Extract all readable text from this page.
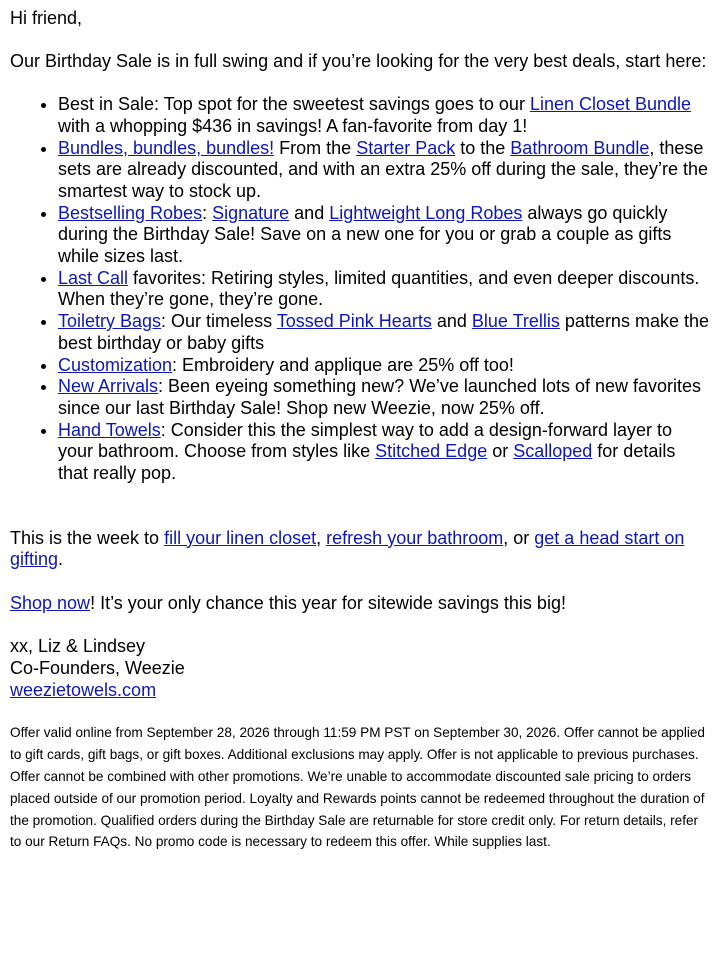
Hi friend,

Our Birthday Sale is in full swing and if you’re looking for the very best deals, start here:

• Best in Sale: Top spot for the sweetest savings goes to our Linen Closet Bundle with a whopping $436 in savings! A fan-favorite from day 1!
• Bundles, bundles, bundles! From the Starter Pack to the Bathroom Bundle, these sets are already discounted, and with an extra 25% off during the sale, they’re the smartest way to stock up.
• Bestselling Robes: Signature and Lightweight Long Robes always go quickly during the Birthday Sale! Save on a new one for you or grab a couple as gifts while sizes last.
• Last Call favorites: Retiring styles, limited quantities, and even deeper discounts. When they’re gone, they’re gone.
• Toiletry Bags: Our timeless Tossed Pink Hearts and Blue Trellis patterns make the best birthday or baby gifts
• Customization: Embroidery and applique are 25% off too!
• New Arrivals: Been eyeing something new? We’ve launched lots of new favorites since our last Birthday Sale! Shop new Weezie, now 25% off.
• Hand Towels: Consider this the simplest way to add a design-forward layer to your bathroom. Choose from styles like Stitched Edge or Scalloped for details that really pop.

This is the week to fill your linen closet, refresh your bathroom, or get a head start on gifting.

Shop now! It’s your only chance this year for sitewide savings this big!

xx, Liz & Lindsey
Co-Founders, Weezie
weezietowels.com

Offer valid online from September 28, 2026 through 11:59 PM PST on September 30, 2026. Offer cannot be applied to gift cards, gift bags, or gift boxes. Additional exclusions may apply. Offer is not applicable to previous purchases. Offer cannot be combined with other promotions. We’re unable to accommodate discounted sale pricing to orders placed outside of our promotion period. Loyalty and Rewards points cannot be redeemed throughout the duration of the promotion. Qualified orders during the Birthday Sale are returnable for store credit only. For return details, refer to our Return FAQs. No promo code is necessary to redeem this offer. While supplies last.
